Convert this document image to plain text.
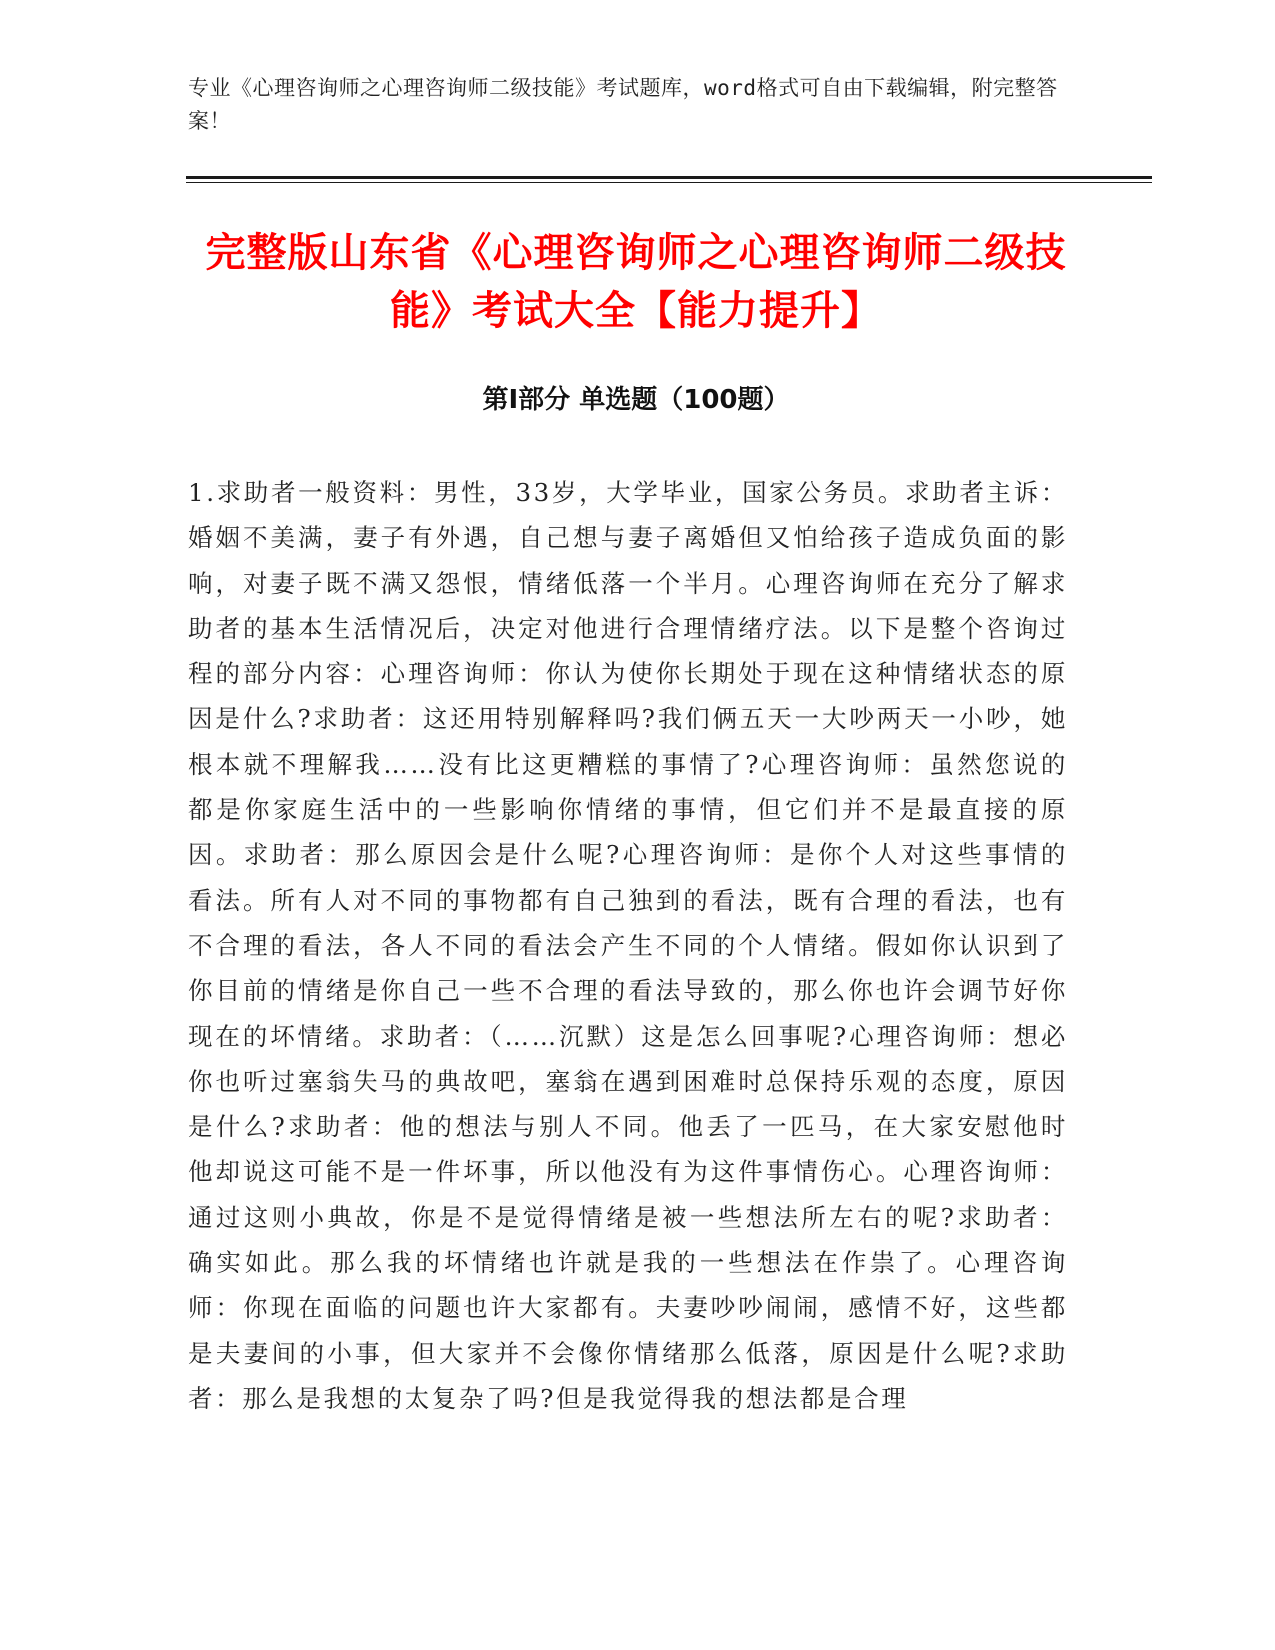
专业《心理咨询师之心理咨询师二级技能》考试题库，word格式可自由下载编辑，附完整答案！
完整版山东省《心理咨询师之心理咨询师二级技能》考试大全【能力提升】
第Ⅰ部分 单选题（100题）
1.求助者一般资料：男性，33岁，大学毕业，国家公务员。求助者主诉：婚姻不美满，妻子有外遇，自己想与妻子离婚但又怕给孩子造成负面的影响，对妻子既不满又怨恨，情绪低落一个半月。心理咨询师在充分了解求助者的基本生活情况后，决定对他进行合理情绪疗法。以下是整个咨询过程的部分内容：心理咨询师：你认为使你长期处于现在这种情绪状态的原因是什么?求助者：这还用特别解释吗?我们俩五天一大吵两天一小吵，她根本就不理解我……没有比这更糟糕的事情了?心理咨询师：虽然您说的都是你家庭生活中的一些影响你情绪的事情，但它们并不是最直接的原因。求助者：那么原因会是什么呢?心理咨询师：是你个人对这些事情的看法。所有人对不同的事物都有自己独到的看法，既有合理的看法，也有不合理的看法，各人不同的看法会产生不同的个人情绪。假如你认识到了你目前的情绪是你自己一些不合理的看法导致的，那么你也许会调节好你现在的坏情绪。求助者：（……沉默）这是怎么回事呢?心理咨询师：想必你也听过塞翁失马的典故吧，塞翁在遇到困难时总保持乐观的态度，原因是什么?求助者：他的想法与别人不同。他丢了一匹马，在大家安慰他时他却说这可能不是一件坏事，所以他没有为这件事情伤心。心理咨询师：通过这则小典故，你是不是觉得情绪是被一些想法所左右的呢?求助者：确实如此。那么我的坏情绪也许就是我的一些想法在作祟了。心理咨询师：你现在面临的问题也许大家都有。夫妻吵吵闹闹，感情不好，这些都是夫妻间的小事，但大家并不会像你情绪那么低落，原因是什么呢?求助者：那么是我想的太复杂了吗?但是我觉得我的想法都是合理
